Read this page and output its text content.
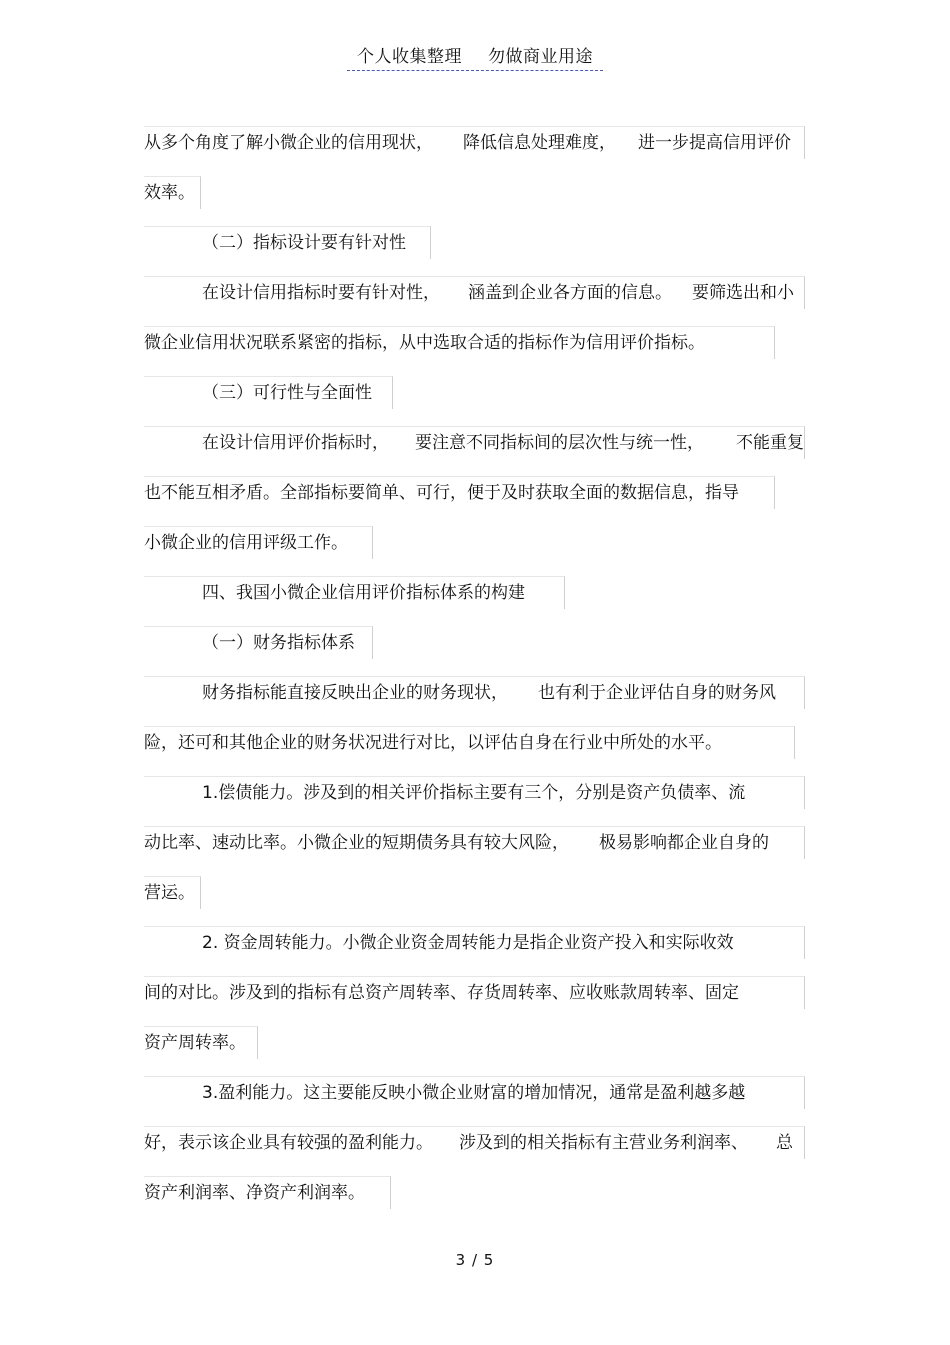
个人收集整理 勿做商业用途
从多个角度了解小微企业的信用现状， 降低信息处理难度， 进一步提高信用评价
效率。
（二）指标设计要有针对性
在设计信用指标时要有针对性， 涵盖到企业各方面的信息。 要筛选出和小
微企业信用状况联系紧密的指标，从中选取合适的指标作为信用评价指标。
（三）可行性与全面性
在设计信用评价指标时， 要注意不同指标间的层次性与统一性， 不能重复
也不能互相矛盾。全部指标要简单、可行，便于及时获取全面的数据信息，指导
小微企业的信用评级工作。
四、我国小微企业信用评价指标体系的构建
（一）财务指标体系
财务指标能直接反映出企业的财务现状， 也有利于企业评估自身的财务风
险，还可和其他企业的财务状况进行对比，以评估自身在行业中所处的水平。
1.偿债能力。涉及到的相关评价指标主要有三个，分别是资产负债率、流
动比率、速动比率。小微企业的短期债务具有较大风险， 极易影响都企业自身的
营运。
2. 资金周转能力。小微企业资金周转能力是指企业资产投入和实际收效
间的对比。涉及到的指标有总资产周转率、存货周转率、应收账款周转率、固定
资产周转率。
3.盈利能力。这主要能反映小微企业财富的增加情况，通常是盈利越多越
好，表示该企业具有较强的盈利能力。 涉及到的相关指标有主营业务利润率、 总
资产利润率、净资产利润率。
3 / 5
